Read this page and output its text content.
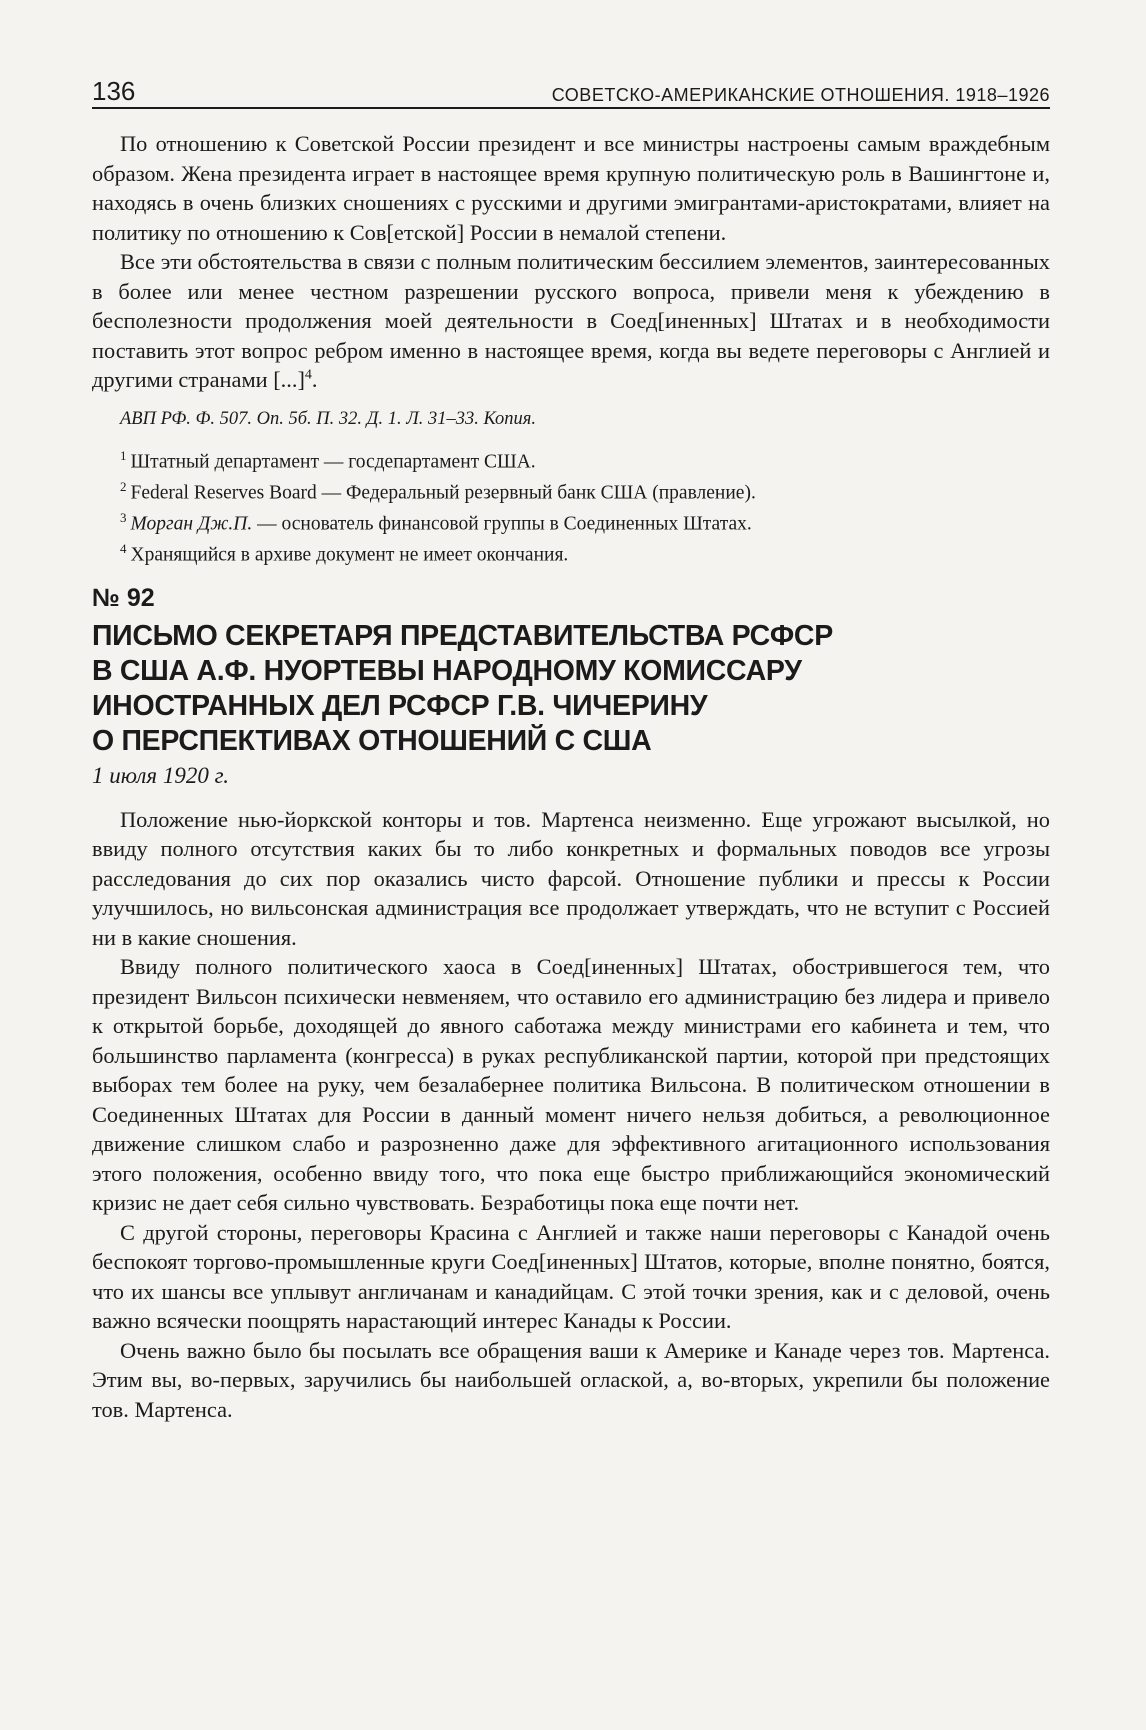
136	СОВЕТСКО-АМЕРИКАНСКИЕ ОТНОШЕНИЯ. 1918–1926

По отношению к Советской России президент и все министры настроены самым враждебным образом. Жена президента играет в настоящее время крупную политическую роль в Вашингтоне и, находясь в очень близких сношениях с русскими и другими эмигрантами-аристократами, влияет на политику по отношению к Сов[етской] России в немалой степени.

Все эти обстоятельства в связи с полным политическим бессилием элементов, заинтересованных в более или менее честном разрешении русского вопроса, привели меня к убеждению в бесполезности продолжения моей деятельности в Соед[иненных] Штатах и в необходимости поставить этот вопрос ребром именно в настоящее время, когда вы ведете переговоры с Англией и другими странами [...]$^4$.

АВП РФ. Ф. 507. Оп. 5б. П. 32. Д. 1. Л. 31–33. Копия.
$^1$ Штатный департамент — госдепартамент США.
$^2$ Federal Reserves Board — Федеральный резервный банк США (правление).
$^3$ Морган Дж.П. — основатель финансовой группы в Соединенных Штатах.
$^4$ Хранящийся в архиве документ не имеет окончания.
№ 92
ПИСЬМО СЕКРЕТАРЯ ПРЕДСТАВИТЕЛЬСТВА РСФСР
В США А.Ф. НУОРТЕВЫ НАРОДНОМУ КОМИССАРУ
ИНОСТРАННЫХ ДЕЛ РСФСР Г.В. ЧИЧЕРИНУ
О ПЕРСПЕКТИВАХ ОТНОШЕНИЙ С США
1 июля 1920 г.

Положение нью-йоркской конторы и тов. Мартенса неизменно. Еще угрожают высылкой, но ввиду полного отсутствия каких бы то либо конкретных и формальных поводов все угрозы расследования до сих пор оказались чисто фарсой. Отношение публики и прессы к России улучшилось, но вильсонская администрация все продолжает утверждать, что не вступит с Россией ни в какие сношения.

Ввиду полного политического хаоса в Соед[иненных] Штатах, обострившегося тем, что президент Вильсон психически невменяем, что оставило его администрацию без лидера и привело к открытой борьбе, доходящей до явного саботажа между министрами его кабинета и тем, что большинство парламента (конгресса) в руках республиканской партии, которой при предстоящих выборах тем более на руку, чем безалабернее политика Вильсона. В политическом отношении в Соединенных Штатах для России в данный момент ничего нельзя добиться, а революционное движение слишком слабо и разрозненно даже для эффективного агитационного использования этого положения, особенно ввиду того, что пока еще быстро приближающийся экономический кризис не дает себя сильно чувствовать. Безработицы пока еще почти нет.

С другой стороны, переговоры Красина с Англией и также наши переговоры с Канадой очень беспокоят торгово-промышленные круги Соед[иненных] Штатов, которые, вполне понятно, боятся, что их шансы все уплывут англичанам и канадийцам. С этой точки зрения, как и с деловой, очень важно всячески поощрять нарастающий интерес Канады к России.

Очень важно было бы посылать все обращения ваши к Америке и Канаде через тов. Мартенса. Этим вы, во-первых, заручились бы наибольшей оглаской, а, во-вторых, укрепили бы положение тов. Мартенса.
